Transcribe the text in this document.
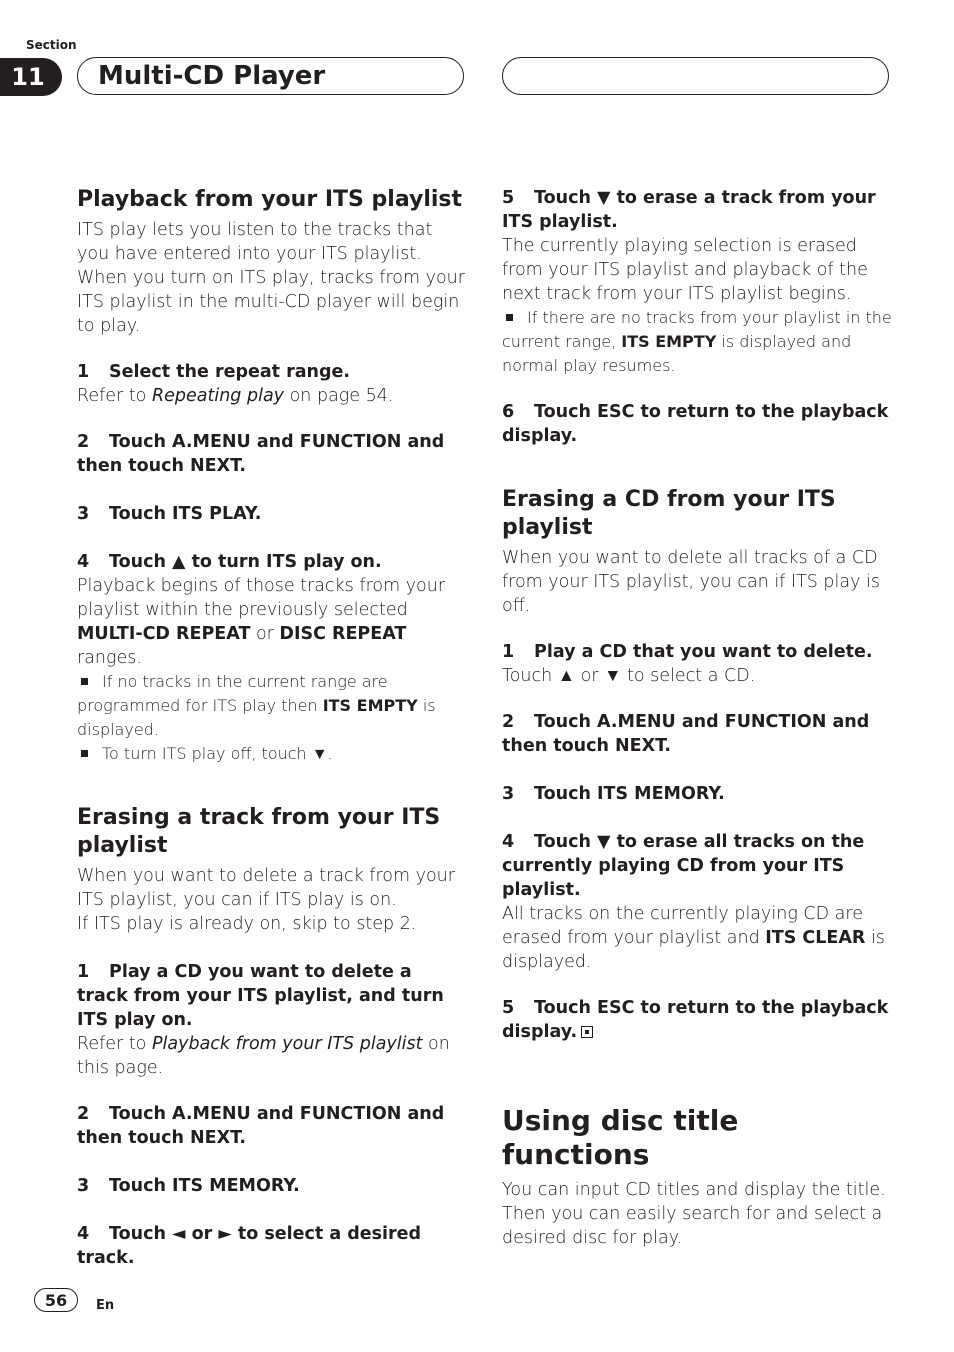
Section
11	Multi-CD Player
Playback from your ITS playlist

ITS play lets you listen to the tracks that you have entered into your ITS playlist. When you turn on ITS play, tracks from your ITS playlist in the multi-CD player will begin to play.

1 Select the repeat range.

Refer to Repeating play on page 54.

2 Touch A.MENU and FUNCTION and then touch NEXT.

3 Touch ITS PLAY.

4 Touch ▲ to turn ITS play on.

Playback begins of those tracks from your playlist within the previously selected MULTI-CD REPEAT or DISC REPEAT ranges.

If no tracks in the current range are programmed for ITS play then ITS EMPTY is displayed.

To turn ITS play off, touch ▼.

Erasing a track from your ITS playlist

When you want to delete a track from your ITS playlist, you can if ITS play is on.

If ITS play is already on, skip to step 2.

1 Play a CD you want to delete a track from your ITS playlist, and turn ITS play on.

Refer to Playback from your ITS playlist on this page.

2 Touch A.MENU and FUNCTION and then touch NEXT.

3 Touch ITS MEMORY.

4 Touch ◄ or ► to select a desired track.

5 Touch ▼ to erase a track from your ITS playlist.

The currently playing selection is erased from your ITS playlist and playback of the next track from your ITS playlist begins.

If there are no tracks from your playlist in the current range, ITS EMPTY is displayed and normal play resumes.

6 Touch ESC to return to the playback display.

Erasing a CD from your ITS playlist

When you want to delete all tracks of a CD from your ITS playlist, you can if ITS play is off.

1 Play a CD that you want to delete.

Touch ▲ or ▼ to select a CD.

2 Touch A.MENU and FUNCTION and then touch NEXT.

3 Touch ITS MEMORY.

4 Touch ▼ to erase all tracks on the currently playing CD from your ITS playlist.

All tracks on the currently playing CD are erased from your playlist and ITS CLEAR is displayed.

5 Touch ESC to return to the playback display.

Using disc title functions

You can input CD titles and display the title. Then you can easily search for and select a desired disc for play.

56	En
